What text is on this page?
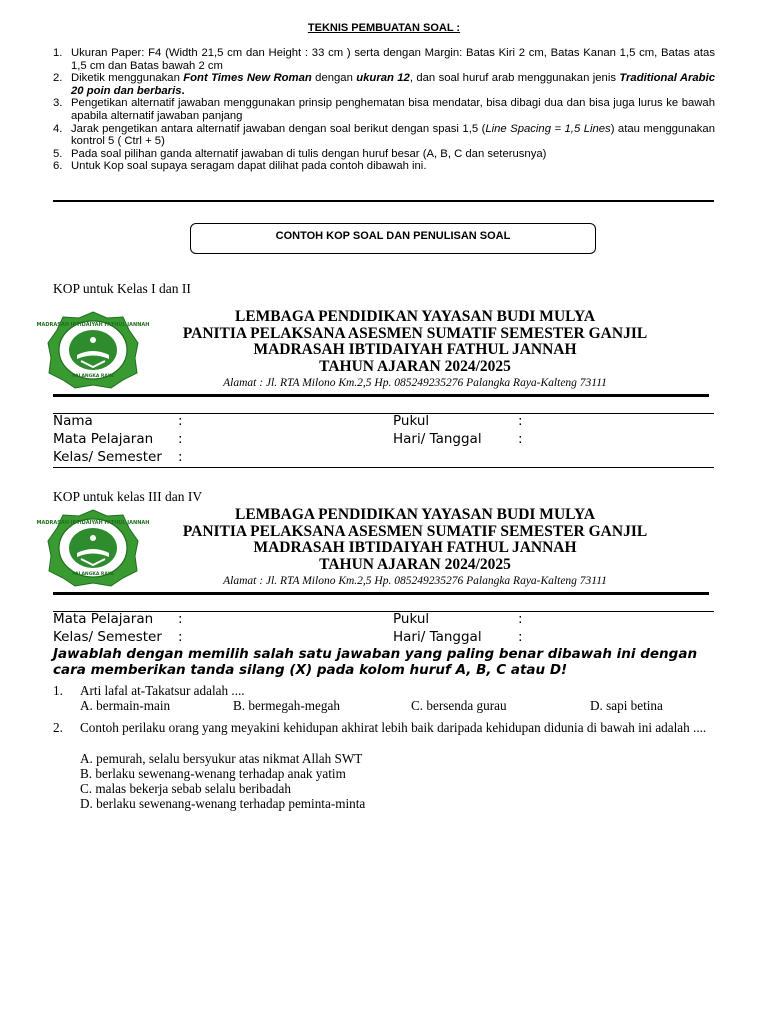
TEKNIS PEMBUATAN SOAL :
1. Ukuran Paper: F4 (Width 21,5 cm dan Height : 33 cm ) serta dengan Margin: Batas Kiri 2 cm, Batas Kanan 1,5 cm, Batas atas 1,5 cm dan Batas bawah 2 cm
2. Diketik menggunakan Font Times New Roman dengan ukuran 12, dan soal huruf arab menggunakan jenis Traditional Arabic 20 poin dan berbaris.
3. Pengetikan alternatif jawaban menggunakan prinsip penghematan bisa mendatar, bisa dibagi dua dan bisa juga lurus ke bawah apabila alternatif jawaban panjang
4. Jarak pengetikan antara alternatif jawaban dengan soal berikut dengan spasi 1,5 (Line Spacing = 1,5 Lines) atau menggunakan kontrol 5 ( Ctrl + 5)
5. Pada soal pilihan ganda alternatif jawaban di tulis dengan huruf besar (A, B, C dan seterusnya)
6. Untuk Kop soal supaya seragam dapat dilihat pada contoh dibawah ini.
CONTOH KOP SOAL DAN PENULISAN SOAL
KOP untuk Kelas I dan II
MADRASAH IBTIDAIYAH FATHUL JANNAH
PALANGKA RAYA
LEMBAGA PENDIDIKAN YAYASAN BUDI MULYA
PANITIA PELAKSANA ASESMEN SUMATIF SEMESTER GANJIL
MADRASAH IBTIDAIYAH FATHUL JANNAH
TAHUN AJARAN 2024/2025
Alamat : Jl. RTA Milono Km.2,5 Hp. 085249235276 Palangka Raya-Kalteng 73111
Nama	:	Pukul	:
Mata Pelajaran :	Hari/ Tanggal	:
Kelas/ Semester :
KOP untuk kelas III dan IV
MADRASAH IBTIDAIYAH FATHUL JANNAH
PALANGKA RAYA
LEMBAGA PENDIDIKAN YAYASAN BUDI MULYA
PANITIA PELAKSANA ASESMEN SUMATIF SEMESTER GANJIL
MADRASAH IBTIDAIYAH FATHUL JANNAH
TAHUN AJARAN 2024/2025
Alamat : Jl. RTA Milono Km.2,5 Hp. 085249235276 Palangka Raya-Kalteng 73111
Mata Pelajaran :	Pukul	:
Kelas/ Semester :	Hari/ Tanggal	:
Jawablah dengan memilih salah satu jawaban yang paling benar dibawah ini dengan cara memberikan tanda silang (X) pada kolom huruf A, B, C atau D!
1. Arti lafal at-Takatsur adalah ....
A. bermain-main	B. bermegah-megah	C. bersenda gurau	D. sapi betina
2. Contoh perilaku orang yang meyakini kehidupan akhirat lebih baik daripada kehidupan didunia di bawah ini adalah ....
A. pemurah, selalu bersyukur atas nikmat Allah SWT
B. berlaku sewenang-wenang terhadap anak yatim
C. malas bekerja sebab selalu beribadah
D. berlaku sewenang-wenang terhadap peminta-minta
